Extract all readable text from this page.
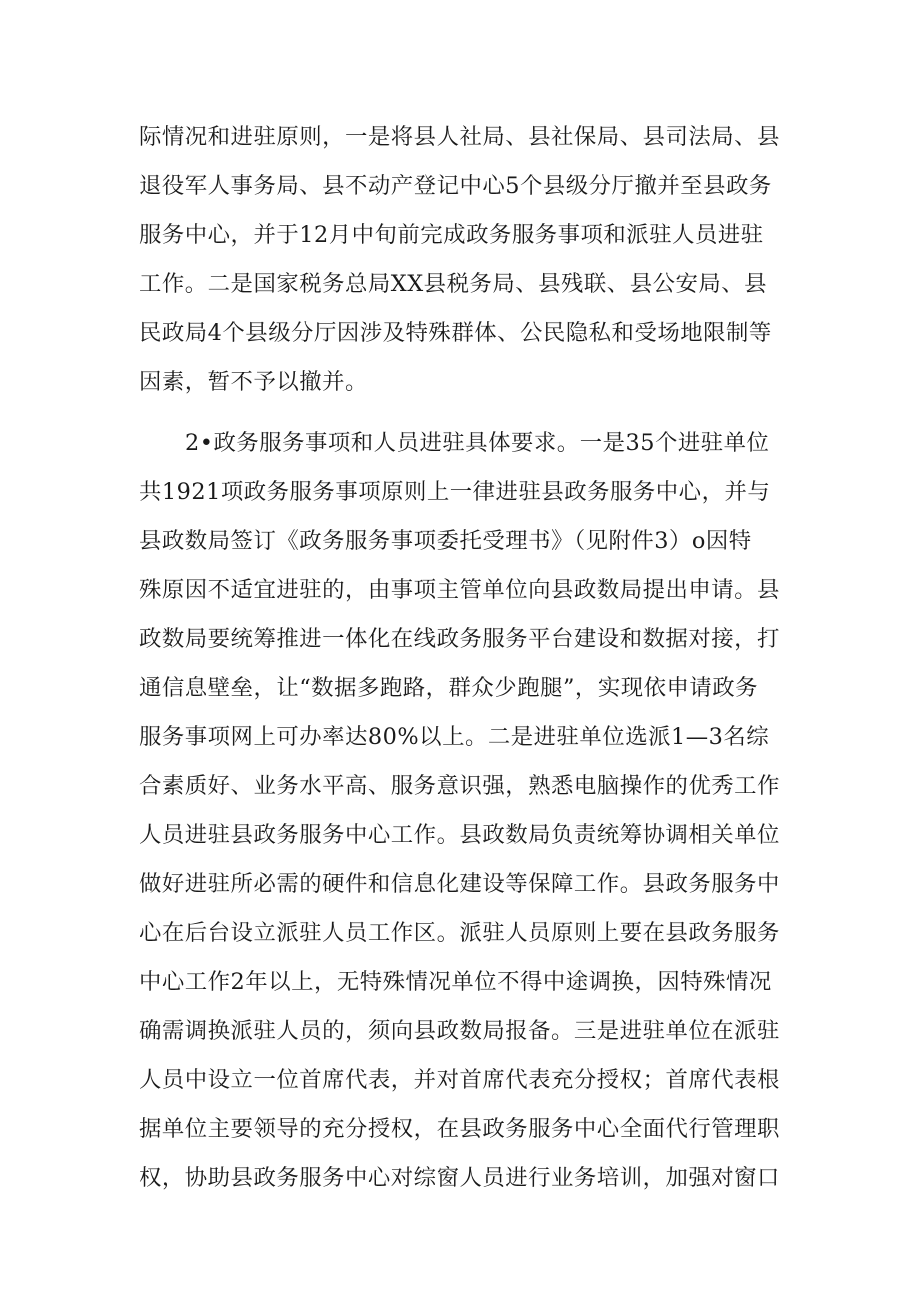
际情况和进驻原则，一是将县人社局、县社保局、县司法局、县
退役军人事务局、县不动产登记中心5个县级分厅撤并至县政务
服务中心，并于12月中旬前完成政务服务事项和派驻人员进驻
工作。二是国家税务总局XX县税务局、县残联、县公安局、县
民政局4个县级分厅因涉及特殊群体、公民隐私和受场地限制等
因素，暂不予以撤并。
2•政务服务事项和人员进驻具体要求。一是35个进驻单位
共1921项政务服务事项原则上一律进驻县政务服务中心，并与
县政数局签订《政务服务事项委托受理书》（见附件3）o因特
殊原因不适宜进驻的，由事项主管单位向县政数局提出申请。县
政数局要统筹推进一体化在线政务服务平台建设和数据对接，打
通信息壁垒，让“数据多跑路，群众少跑腿”，实现依申请政务
服务事项网上可办率达80%以上。二是进驻单位选派1—3名综
合素质好、业务水平高、服务意识强，熟悉电脑操作的优秀工作
人员进驻县政务服务中心工作。县政数局负责统筹协调相关单位
做好进驻所必需的硬件和信息化建设等保障工作。县政务服务中
心在后台设立派驻人员工作区。派驻人员原则上要在县政务服务
中心工作2年以上，无特殊情况单位不得中途调换，因特殊情况
确需调换派驻人员的，须向县政数局报备。三是进驻单位在派驻
人员中设立一位首席代表，并对首席代表充分授权；首席代表根
据单位主要领导的充分授权，在县政务服务中心全面代行管理职
权，协助县政务服务中心对综窗人员进行业务培训，加强对窗口
